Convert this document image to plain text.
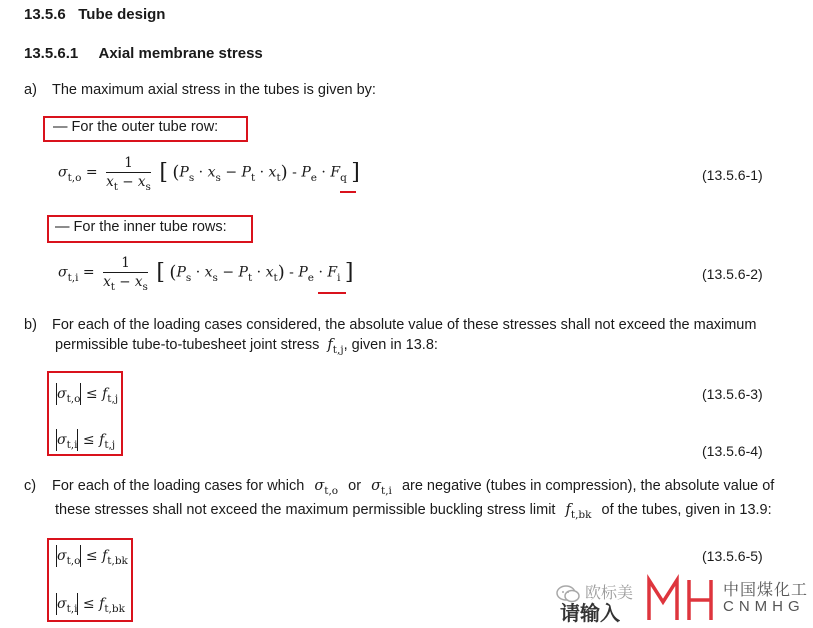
13.5.6 Tube design
13.5.6.1 Axial membrane stress
a) The maximum axial stress in the tubes is given by:
— For the outer tube row:
$\sigma_{t,o} = \frac{1}{x_t - x_s}$ [ $(P_s \cdot x_s - P_t \cdot x_t) - P_e \cdot F_q$ ]	(13.5.6-1)
— For the inner tube rows:
$\sigma_{t,i} = \frac{1}{x_t - x_s}$ [ $(P_s \cdot x_s - P_t \cdot x_t) - P_e \cdot F_i$ ]	(13.5.6-2)
b) For each of the loading cases considered, the absolute value of these stresses shall not exceed the maximum
permissible tube-to-tubesheet joint stress $f_{t,j}$, given in 13.8:
$\sigma_{t,o} \le f_{t,j}$	(13.5.6-3)
$\sigma_{t,i} \le f_{t,j}$	(13.5.6-4)
c) For each of the loading cases for which $\sigma_{t,o}$ or $\sigma_{t,i}$ are negative (tubes in compression), the absolute value of
these stresses shall not exceed the maximum permissible buckling stress limit $f_{t,bk}$ of the tubes, given in 13.9:
$\sigma_{t,o} \le f_{t,bk}$	(13.5.6-5)
$\sigma_{t,i} \le f_{t,bk}$
欧标美
请输入
中国煤化工
CNMHG
